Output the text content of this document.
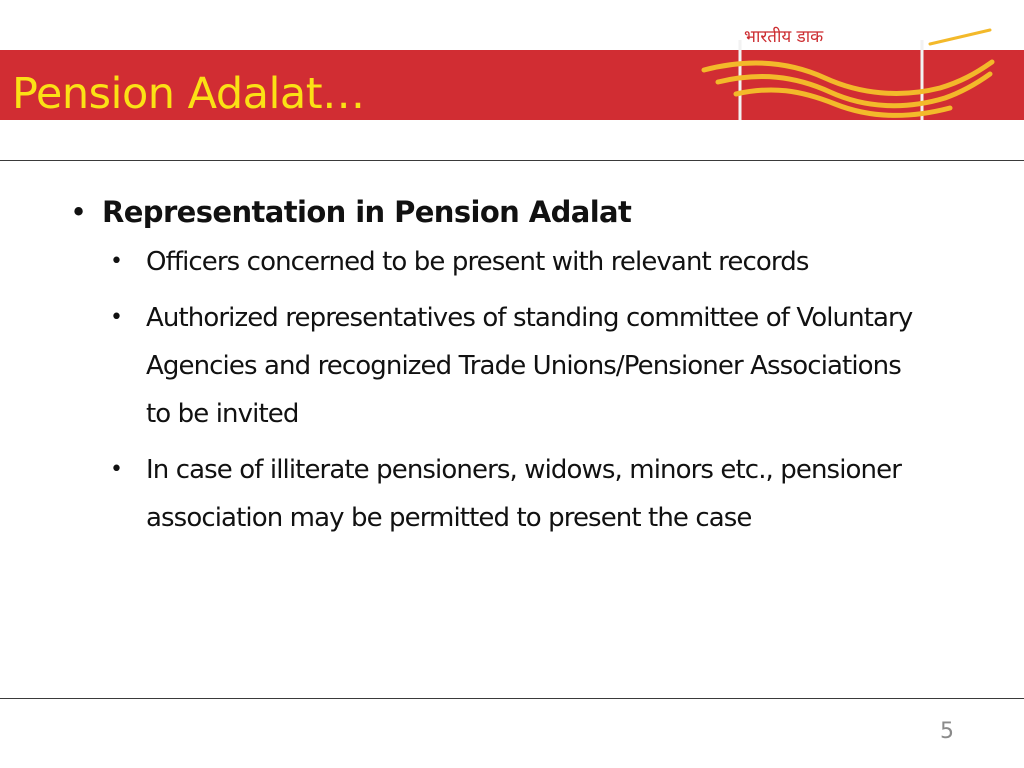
Pension Adalat…
भारतीय डाक
• Representation in Pension Adalat
• Officers concerned to be present with relevant records
• Authorized representatives of standing committee of Voluntary Agencies and recognized Trade Unions/Pensioner Associations to be invited
• In case of illiterate pensioners, widows, minors etc., pensioner association may be permitted to present the case
5
